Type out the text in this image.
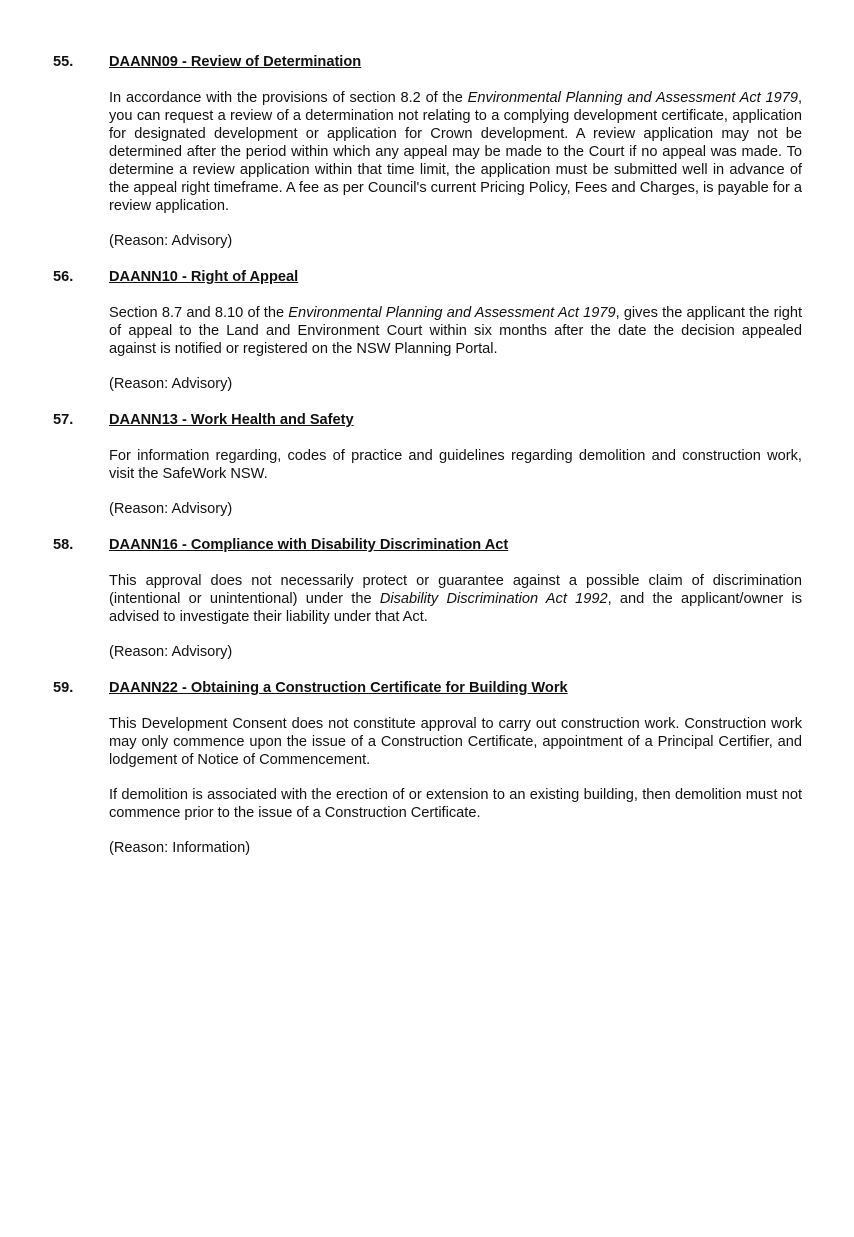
55. DAANN09 - Review of Determination

In accordance with the provisions of section 8.2 of the Environmental Planning and Assessment Act 1979, you can request a review of a determination not relating to a complying development certificate, application for designated development or application for Crown development. A review application may not be determined after the period within which any appeal may be made to the Court if no appeal was made. To determine a review application within that time limit, the application must be submitted well in advance of the appeal right timeframe. A fee as per Council's current Pricing Policy, Fees and Charges, is payable for a review application.

(Reason: Advisory)
56. DAANN10 - Right of Appeal

Section 8.7 and 8.10 of the Environmental Planning and Assessment Act 1979, gives the applicant the right of appeal to the Land and Environment Court within six months after the date the decision appealed against is notified or registered on the NSW Planning Portal.

(Reason: Advisory)
57. DAANN13 - Work Health and Safety

For information regarding, codes of practice and guidelines regarding demolition and construction work, visit the SafeWork NSW.

(Reason: Advisory)
58. DAANN16 - Compliance with Disability Discrimination Act

This approval does not necessarily protect or guarantee against a possible claim of discrimination (intentional or unintentional) under the Disability Discrimination Act 1992, and the applicant/owner is advised to investigate their liability under that Act.

(Reason: Advisory)
59. DAANN22 - Obtaining a Construction Certificate for Building Work

This Development Consent does not constitute approval to carry out construction work. Construction work may only commence upon the issue of a Construction Certificate, appointment of a Principal Certifier, and lodgement of Notice of Commencement.

If demolition is associated with the erection of or extension to an existing building, then demolition must not commence prior to the issue of a Construction Certificate.

(Reason: Information)
